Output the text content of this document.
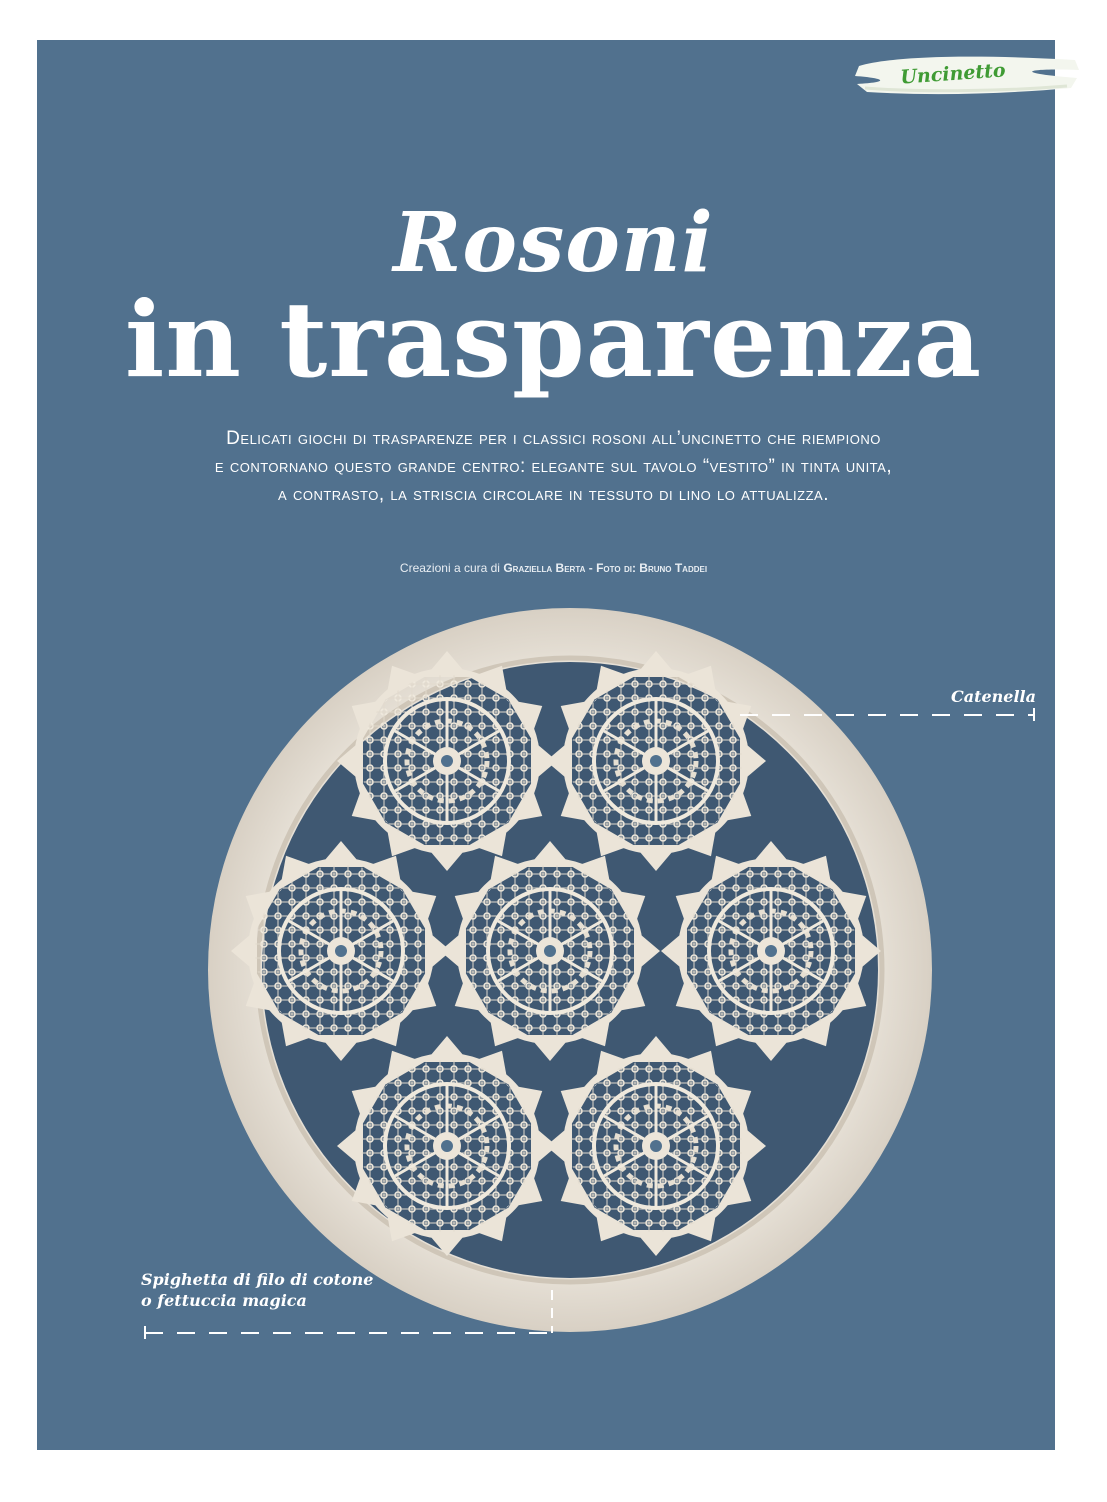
Uncinetto
Rosoni
in trasparenza
Delicati giochi di trasparenze per i classici rosoni all’uncinetto che riempiono
e contornano questo grande centro: elegante sul tavolo “vestito” in tinta unita,
a contrasto, la striscia circolare in tessuto di lino lo attualizza.
Creazioni a cura di Graziella Berta - Foto di: Bruno Taddei
Catenella
Spighetta di filo di cotone
o fettuccia magica
